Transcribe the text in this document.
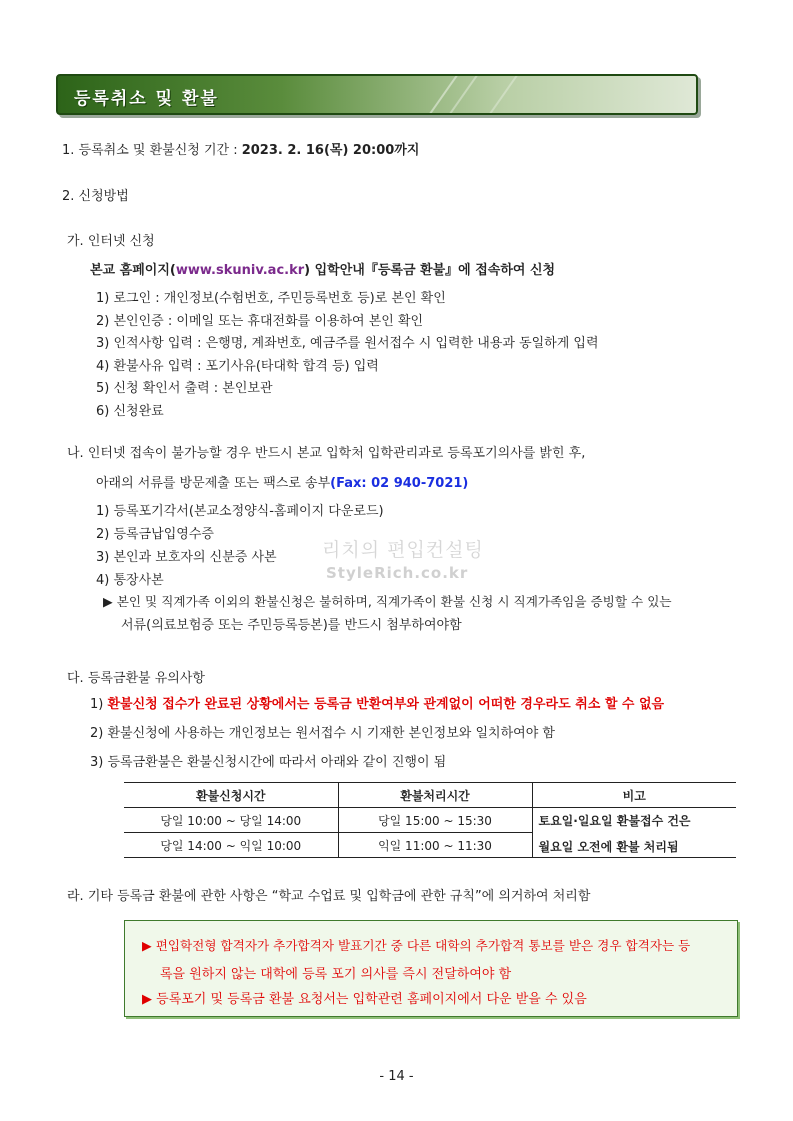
등록취소 및 환불
1. 등록취소 및 환불신청 기간 : 2023. 2. 16(목) 20:00까지
2. 신청방법
가. 인터넷 신청
본교 홈페이지(www.skuniv.ac.kr) 입학안내『등록금 환불』에 접속하여 신청
1) 로그인 : 개인정보(수험번호, 주민등록번호 등)로 본인 확인
2) 본인인증 : 이메일 또는 휴대전화를 이용하여 본인 확인
3) 인적사항 입력 : 은행명, 계좌번호, 예금주를 원서접수 시 입력한 내용과 동일하게 입력
4) 환불사유 입력 : 포기사유(타대학 합격 등) 입력
5) 신청 확인서 출력 : 본인보관
6) 신청완료
나. 인터넷 접속이 불가능할 경우 반드시 본교 입학처 입학관리과로 등록포기의사를 밝힌 후,
아래의 서류를 방문제출 또는 팩스로 송부(Fax: 02 940-7021)
1) 등록포기각서(본교소정양식-홈페이지 다운로드)
2) 등록금납입영수증
3) 본인과 보호자의 신분증 사본
4) 통장사본
리치의 편입컨설팅
StyleRich.co.kr
▶ 본인 및 직계가족 이외의 환불신청은 불허하며, 직계가족이 환불 신청 시 직계가족임을 증빙할 수 있는
서류(의료보험증 또는 주민등록등본)를 반드시 첨부하여야함
다. 등록금환불 유의사항
1) 환불신청 접수가 완료된 상황에서는 등록금 반환여부와 관계없이 어떠한 경우라도 취소 할 수 없음
2) 환불신청에 사용하는 개인정보는 원서접수 시 기재한 본인정보와 일치하여야 함
3) 등록금환불은 환불신청시간에 따라서 아래와 같이 진행이 됨
환불신청시간	환불처리시간	비고
당일 10:00 ~ 당일 14:00	당일 15:00 ~ 15:30	토요일·일요일 환불접수 건은
월요일 오전에 환불 처리됨

당일 14:00 ~ 익일 10:00	익일 11:00 ~ 11:30	
라. 기타 등록금 환불에 관한 사항은 “학교 수업료 및 입학금에 관한 규칙”에 의거하여 처리함
▶ 편입학전형 합격자가 추가합격자 발표기간 중 다른 대학의 추가합격 통보를 받은 경우 합격자는 등
록을 원하지 않는 대학에 등록 포기 의사를 즉시 전달하여야 함
▶ 등록포기 및 등록금 환불 요청서는 입학관련 홈페이지에서 다운 받을 수 있음
- 14 -
